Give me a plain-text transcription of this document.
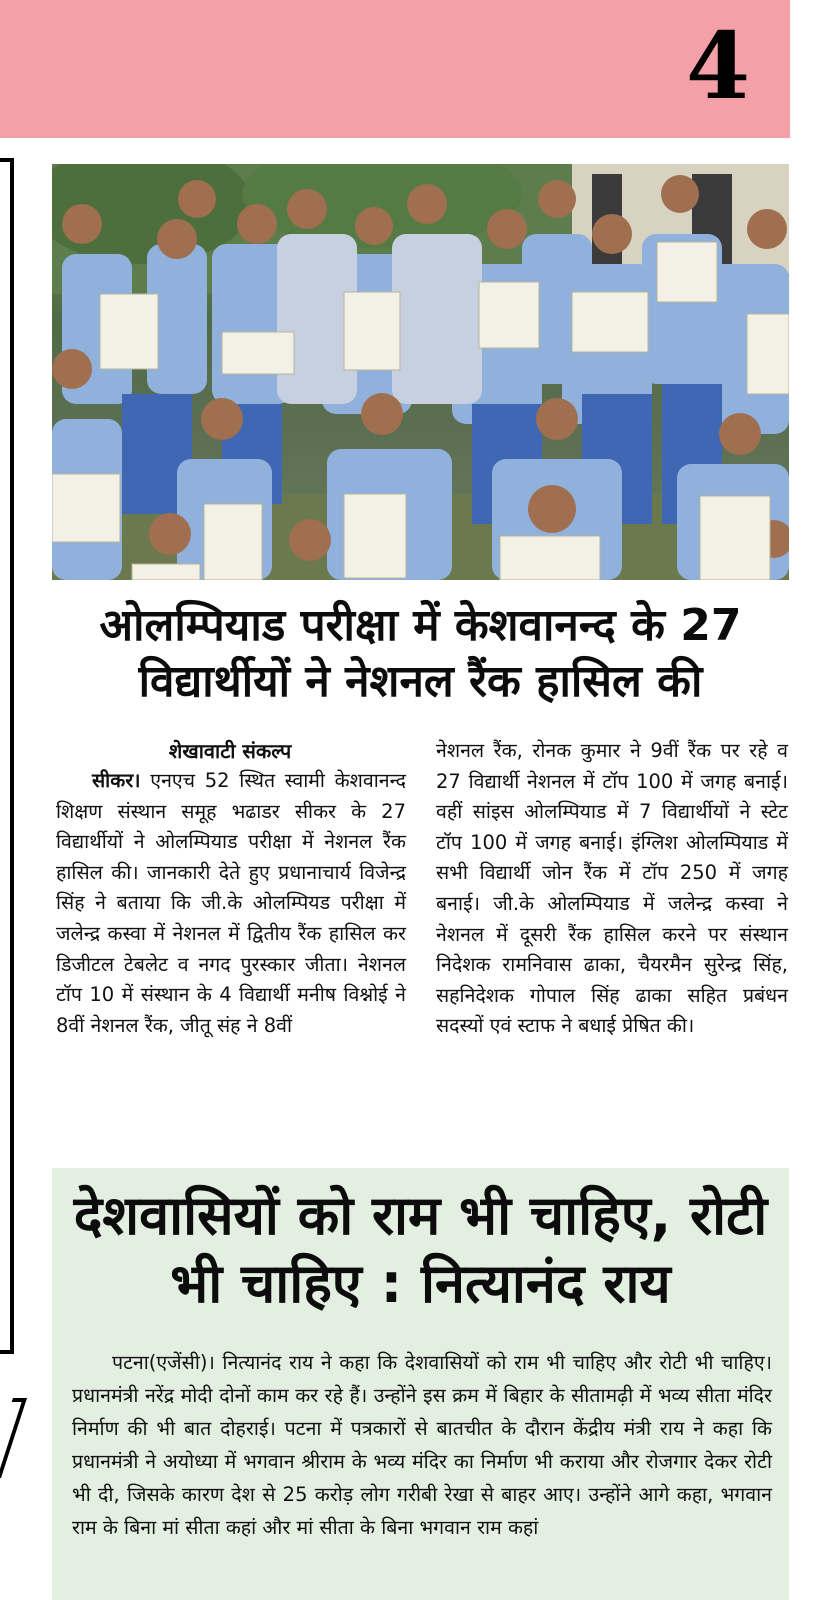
4
ओलम्पियाड परीक्षा में केशवानन्द के 27 विद्यार्थीयों ने नेशनल रैंक हासिल की
शेखावाटी संकल्प
सीकर। एनएच 52 स्थित स्वामी केशवानन्द शिक्षण संस्थान समूह भढाडर सीकर के 27 विद्यार्थीयों ने ओलम्पियाड परीक्षा में नेशनल रैंक हासिल की। जानकारी देते हुए प्रधानाचार्य विजेन्द्र सिंह ने बताया कि जी.के ओलम्पियड परीक्षा में जलेन्द्र कस्वा में नेशनल में द्वितीय रैंक हासिल कर डिजीटल टेबलेट व नगद पुरस्कार जीता। नेशनल टॉप 10 में संस्थान के 4 विद्यार्थी मनीष विश्नोई ने 8वीं नेशनल रैंक, जीतू संह ने 8वीं
नेशनल रैंक, रोनक कुमार ने 9वीं रैंक पर रहे व 27 विद्यार्थी नेशनल में टॉप 100 में जगह बनाई। वहीं सांइस ओलम्पियाड में 7 विद्यार्थीयों ने स्टेट टॉप 100 में जगह बनाई। इंग्लिश ओलम्पियाड में सभी विद्यार्थी जोन रैंक में टॉप 250 में जगह बनाई। जी.के ओलम्पियाड में जलेन्द्र कस्वा ने नेशनल में दूसरी रैंक हासिल करने पर संस्थान निदेशक रामनिवास ढाका, चैयरमैन सुरेन्द्र सिंह, सहनिदेशक गोपाल सिंह ढाका सहित प्रबंधन सदस्यों एवं स्टाफ ने बधाई प्रेषित की।
देशवासियों को राम भी चाहिए, रोटी भी चाहिए : नित्यानंद राय
पटना(एजेंसी)। नित्यानंद राय ने कहा कि देशवासियों को राम भी चाहिए और रोटी भी चाहिए। प्रधानमंत्री नरेंद्र मोदी दोनों काम कर रहे हैं। उन्होंने इस क्रम में बिहार के सीतामढ़ी में भव्य सीता मंदिर निर्माण की भी बात दोहराई। पटना में पत्रकारों से बातचीत के दौरान केंद्रीय मंत्री राय ने कहा कि प्रधानमंत्री ने अयोध्या में भगवान श्रीराम के भव्य मंदिर का निर्माण भी कराया और रोजगार देकर रोटी भी दी, जिसके कारण देश से 25 करोड़ लोग गरीबी रेखा से बाहर आए। उन्होंने आगे कहा, भगवान राम के बिना मां सीता कहां और मां सीता के बिना भगवान राम कहां
